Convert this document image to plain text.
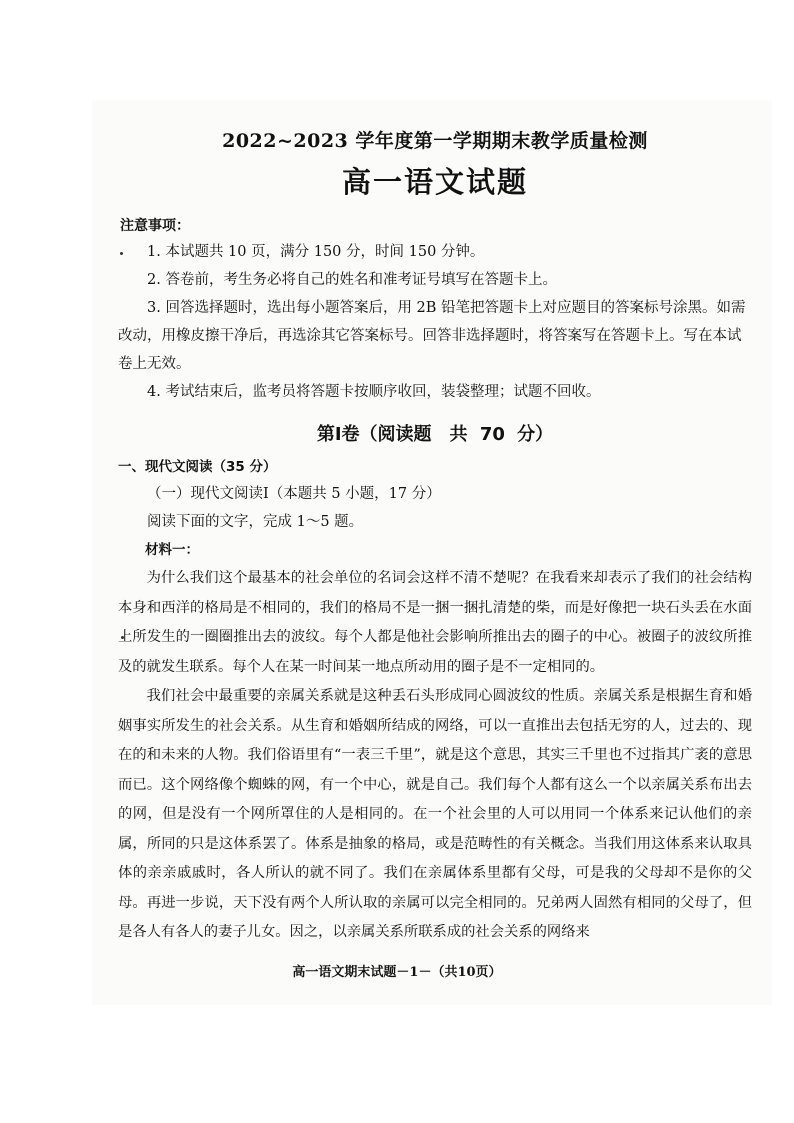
2022~2023 学年度第一学期期末教学质量检测
高一语文试题
注意事项：

1. 本试题共 10 页，满分 150 分，时间 150 分钟。

2. 答卷前，考生务必将自己的姓名和准考证号填写在答题卡上。

3. 回答选择题时，选出每小题答案后，用 2B 铅笔把答题卡上对应题目的答案标号涂黑。如需改动，用橡皮擦干净后，再选涂其它答案标号。回答非选择题时，将答案写在答题卡上。写在本试卷上无效。

4. 考试结束后，监考员将答题卡按顺序收回，装袋整理；试题不回收。

第Ⅰ卷（阅读题　共 70 分）

一、现代文阅读（35 分）

（一）现代文阅读Ⅰ（本题共 5 小题，17 分）

阅读下面的文字，完成 1～5 题。

材料一：

为什么我们这个最基本的社会单位的名词会这样不清不楚呢？在我看来却表示了我们的社会结构本身和西洋的格局是不相同的，我们的格局不是一捆一捆扎清楚的柴，而是好像把一块石头丢在水面上所发生的一圈圈推出去的波纹。每个人都是他社会影响所推出去的圈子的中心。被圈子的波纹所推及的就发生联系。每个人在某一时间某一地点所动用的圈子是不一定相同的。

我们社会中最重要的亲属关系就是这种丢石头形成同心圆波纹的性质。亲属关系是根据生育和婚姻事实所发生的社会关系。从生育和婚姻所结成的网络，可以一直推出去包括无穷的人，过去的、现在的和未来的人物。我们俗语里有“一表三千里”，就是这个意思，其实三千里也不过指其广袤的意思而已。这个网络像个蜘蛛的网，有一个中心，就是自己。我们每个人都有这么一个以亲属关系布出去的网，但是没有一个网所罩住的人是相同的。在一个社会里的人可以用同一个体系来记认他们的亲属，所同的只是这体系罢了。体系是抽象的格局，或是范畴性的有关概念。当我们用这体系来认取具体的亲亲戚戚时，各人所认的就不同了。我们在亲属体系里都有父母，可是我的父母却不是你的父母。再进一步说，天下没有两个人所认取的亲属可以完全相同的。兄弟两人固然有相同的父母了，但是各人有各人的妻子儿女。因之，以亲属关系所联系成的社会关系的网络来

高一语文期末试题－1－（共10页）
